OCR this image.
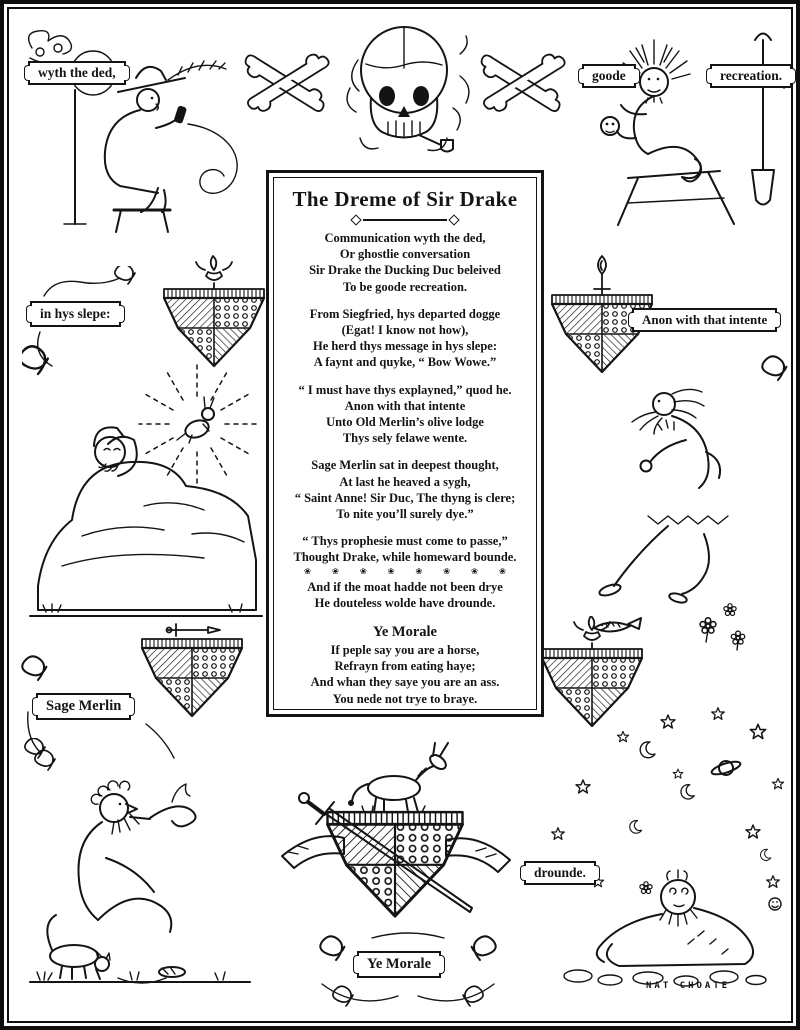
The Dreme of Sir Drake
Communication wyth the ded,
Or ghostlie conversation
Sir Drake the Ducking Duc beleived
To be goode recreation.
From Siegfried, hys departed dogge
(Egat! I know not how),
He herd thys message in hys slepe:
A faynt and quyke, “ Bow Wowe.”
“ I must have thys explayned,” quod he.
Anon with that intente
Unto Old Merlin’s olive lodge
Thys sely felawe wente.
Sage Merlin sat in deepest thought,
At last he heaved a sygh,
“ Saint Anne! Sir Duc, The thyng is clere;
To nite you’ll surely dye.”
“ Thys prophesie must come to passe,”
Thought Drake, while homeward bounde.
❀ ❀ ❀ ❀ ❀ ❀ ❀ ❀
And if the moat hadde not been drye
He douteless wolde have drounde.
Ye Morale
If peple say you are a horse,
Refrayn from eating haye;
And whan they saye you are an ass.
You nede not trye to braye.
wyth the ded,	goode	recreation.
in hys slepe:	Anon with that intente
Sage Merlin
drounde.
Ye Morale
NAT CHOATE
